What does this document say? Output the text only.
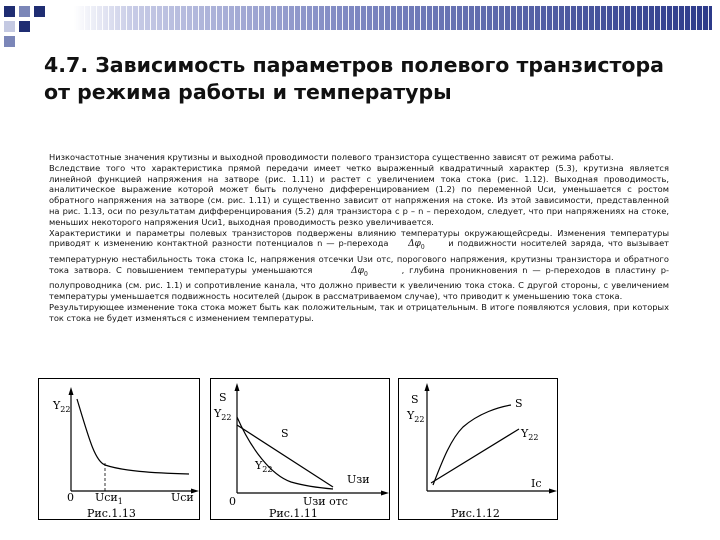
4.7. Зависимость параметров полевого транзистора от режима работы и температуры

Низкочастотные значения крутизны и выходной проводимости полевого транзистора существенно зависят от режима работы.

Вследствие того что характеристика прямой передачи имеет четко выраженный квадратичный характер (5.3), крутизна является линейной функцией напряжения на затворе (рис. 1.11) и растет с увеличением тока стока (рис. 1.12). Выходная проводимость, аналитическое выражение которой может быть получено дифференцированием (1.2) по переменной Uси, уменьшается с ростом обратного напряжения на затворе (см. рис. 1.11) и существенно зависит от напряжения на стоке. Из этой зависимости, представленной на рис. 1.13, оси по результатам дифференцирования (5.2) для транзистора с p – n – переходом, следует, что при напряжениях на стоке, меньших некоторого напряжения Uси1, выходная проводимость резко увеличивается.

Характеристики и параметры полевых транзисторов подвержены влиянию температуры окружающейсреды. Изменения температуры приводят к изменению контактной разности потенциалов n — p-перехода $\Delta\varphi_0$	и подвижности носителей заряда, что вызывает температурную нестабильность тока стока Iс, напряжения отсечки Uзи отс, порогового напряжения, крутизны транзистора и обратного тока затвора. С повышением температуры уменьшаются	$\Delta\varphi_0$	, глубина проникновения n — p-переходов в пластину p-полупроводника (см. рис. 1.1) и сопротивление канала, что должно привести к увеличению тока стока. С другой стороны, с увеличением температуры уменьшается подвижность носителей (дырок в рассматриваемом случае), что приводит к уменьшению тока стока.

Результирующее изменение тока стока может быть как положительным, так и отрицательным. В итоге появляются условия, при которых ток стока не будет изменяться с изменением температуры.

$Y_{22}$
0 Uси$_1$	Uси
Рис.1.13
S
$Y_{22}$
S
$Y_{22}$
0	Uзи отс
Uзи
Рис.1.11
S
$Y_{22}$
S
$Y_{22}$
Iс
Рис.1.12
